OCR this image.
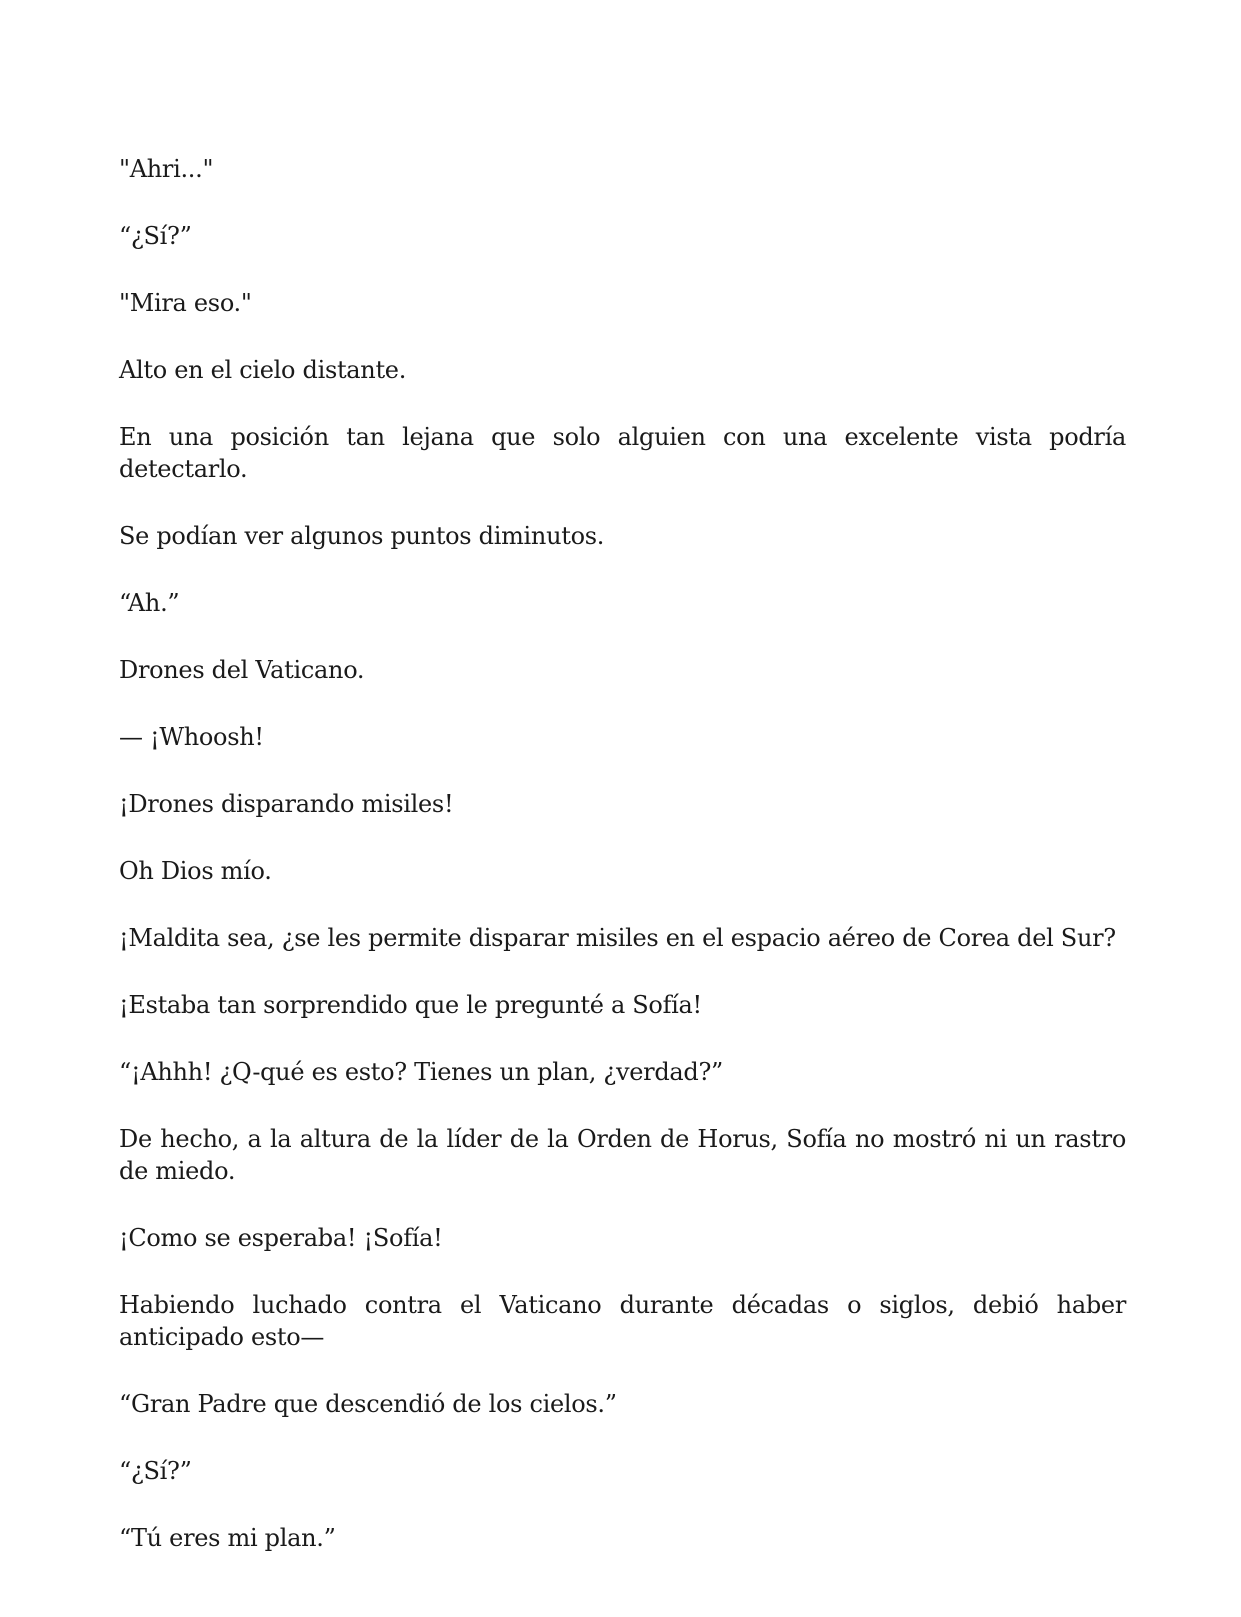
"Ahri..."

“¿Sí?”

"Mira eso."

Alto en el cielo distante.

En una posición tan lejana que solo alguien con una excelente vista podría detectarlo.

Se podían ver algunos puntos diminutos.

“Ah.”

Drones del Vaticano.

— ¡Whoosh!

¡Drones disparando misiles!

Oh Dios mío.

¡Maldita sea, ¿se les permite disparar misiles en el espacio aéreo de Corea del Sur?

¡Estaba tan sorprendido que le pregunté a Sofía!

“¡Ahhh! ¿Q-qué es esto? Tienes un plan, ¿verdad?”

De hecho, a la altura de la líder de la Orden de Horus, Sofía no mostró ni un rastro de miedo.

¡Como se esperaba! ¡Sofía!

Habiendo luchado contra el Vaticano durante décadas o siglos, debió haber anticipado esto—

“Gran Padre que descendió de los cielos.”

“¿Sí?”

“Tú eres mi plan.”
